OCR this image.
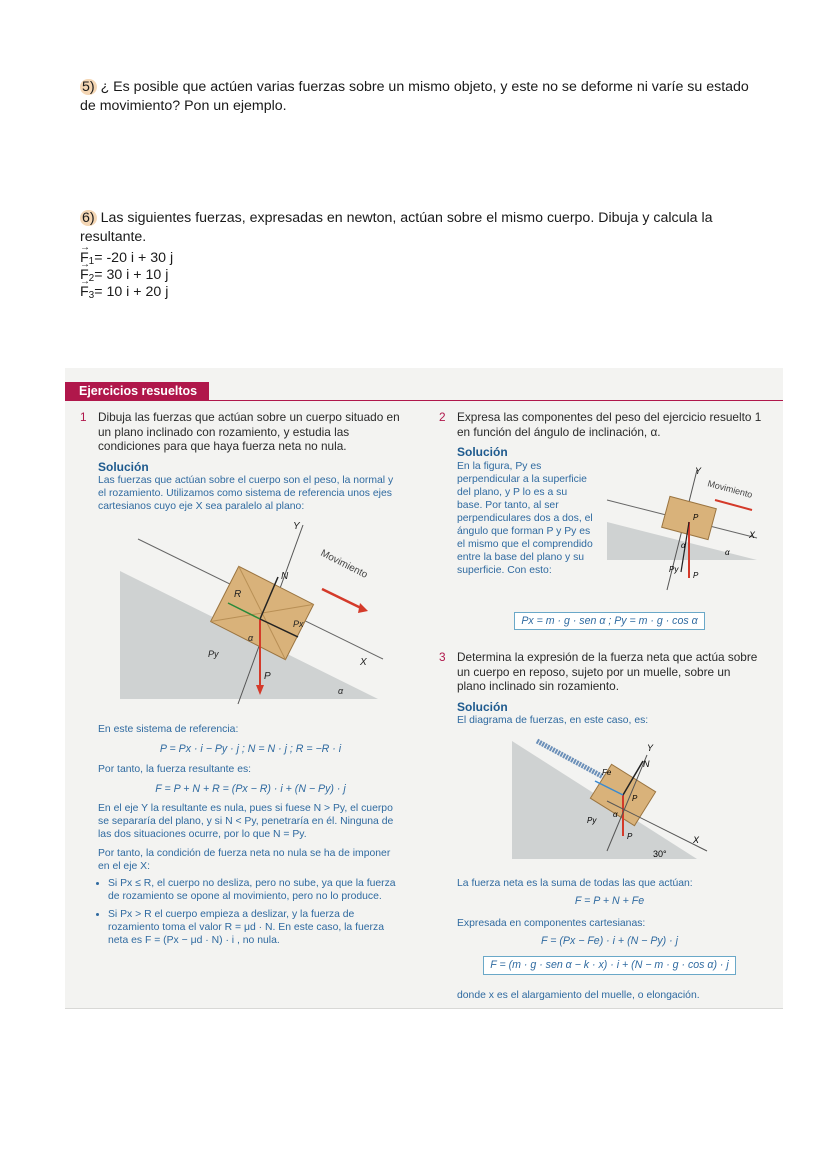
5) ¿ Es posible que actúen varias fuerzas sobre un mismo objeto, y este no se deforme ni varíe su estado de movimiento? Pon un ejemplo.
6) Las siguientes fuerzas, expresadas en newton, actúan sobre el mismo cuerpo. Dibuja y calcula la resultante.
→ $F_1= -20$ i + 30 j
→ $F_2= 30$ i + 10 j
→ $F_3= 10$ i + 20 j
Ejercicios resueltos
1 Dibuja las fuerzas que actúan sobre un cuerpo situado en un plano inclinado con rozamiento, y estudia las condiciones para que haya fuerza neta no nula.
Solución
Las fuerzas que actúan sobre el cuerpo son el peso, la normal y el rozamiento. Utilizamos como sistema de referencia unos ejes cartesianos cuyo eje X sea paralelo al plano:
Movimiento
R
N
Px
Py
P
Y
X
α
α
En este sistema de referencia:
P = Px · i − Py · j ; N = N · j ; R = −R · i
Por tanto, la fuerza resultante es:
F = P + N + R = (Px − R) · i + (N − Py) · j
En el eje Y la resultante es nula, pues si fuese N > Py, el cuerpo se separaría del plano, y si N < Py, penetraría en él. Ninguna de las dos situaciones ocurre, por lo que N = Py.
Por tanto, la condición de fuerza neta no nula se ha de imponer en el eje X:
• Si Px ≤ R, el cuerpo no desliza, pero no sube, ya que la fuerza de rozamiento se opone al movimiento, pero no lo produce.
• Si Px > R el cuerpo empieza a deslizar, y la fuerza de rozamiento toma el valor R = μd · N. En este caso, la fuerza neta es F = (Px − μd · N) · i , no nula.
2 Expresa las componentes del peso del ejercicio resuelto 1 en función del ángulo de inclinación, α.
Solución
En la figura, Py es perpendicular a la superficie del plano, y P lo es a su base. Por tanto, al ser perpendiculares dos a dos, el ángulo que forman P y Py es el mismo que el comprendido entre la base del plano y su superficie. Con esto:
Movimiento
Y
X
P
Py
P
α
α
Px = m · g · sen α ; Py = m · g · cos α
3 Determina la expresión de la fuerza neta que actúa sobre un cuerpo en reposo, sujeto por un muelle, sobre un plano inclinado sin rozamiento.
Solución
El diagrama de fuerzas, en este caso, es:
Fe
N
P
Py
P
Y
X
30°
α
La fuerza neta es la suma de todas las que actúan:
F = P + N + Fe
Expresada en componentes cartesianas:
F = (Px − Fe) · i + (N − Py) · j
F = (m · g · sen α − k · x) · i + (N − m · g · cos α) · j
donde x es el alargamiento del muelle, o elongación.
